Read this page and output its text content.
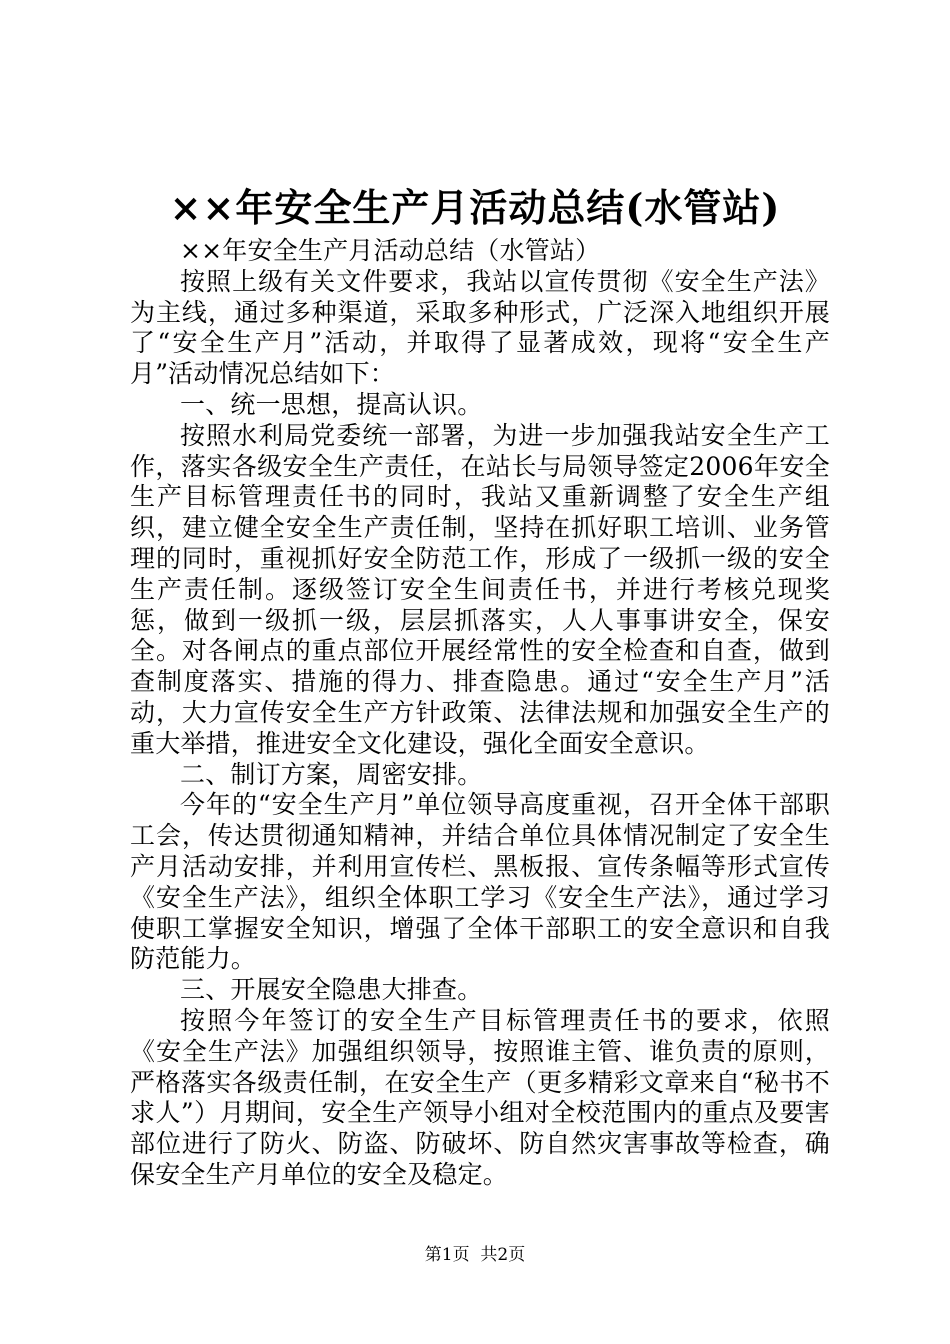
××年安全生产月活动总结(水管站)

××年安全生产月活动总结（水管站）

按照上级有关文件要求，我站以宣传贯彻《安全生产法》为主线，通过多种渠道，采取多种形式，广泛深入地组织开展了“安全生产月”活动，并取得了显著成效，现将“安全生产月”活动情况总结如下：

一、统一思想，提高认识。

按照水利局党委统一部署，为进一步加强我站安全生产工作，落实各级安全生产责任，在站长与局领导签定2006年安全生产目标管理责任书的同时，我站又重新调整了安全生产组织，建立健全安全生产责任制，坚持在抓好职工培训、业务管理的同时，重视抓好安全防范工作，形成了一级抓一级的安全生产责任制。逐级签订安全生间责任书，并进行考核兑现奖惩，做到一级抓一级，层层抓落实，人人事事讲安全，保安全。对各闸点的重点部位开展经常性的安全检查和自查，做到查制度落实、措施的得力、排查隐患。通过“安全生产月”活动，大力宣传安全生产方针政策、法律法规和加强安全生产的重大举措，推进安全文化建设，强化全面安全意识。

二、制订方案，周密安排。

今年的“安全生产月”单位领导高度重视，召开全体干部职工会，传达贯彻通知精神，并结合单位具体情况制定了安全生产月活动安排，并利用宣传栏、黑板报、宣传条幅等形式宣传《安全生产法》，组织全体职工学习《安全生产法》，通过学习使职工掌握安全知识，增强了全体干部职工的安全意识和自我防范能力。

三、开展安全隐患大排查。

按照今年签订的安全生产目标管理责任书的要求，依照《安全生产法》加强组织领导，按照谁主管、谁负责的原则，严格落实各级责任制，在安全生产（更多精彩文章来自“秘书不求人”）月期间，安全生产领导小组对全校范围内的重点及要害部位进行了防火、防盗、防破坏、防自然灾害事故等检查，确保安全生产月单位的安全及稳定。

第1页  共2页
